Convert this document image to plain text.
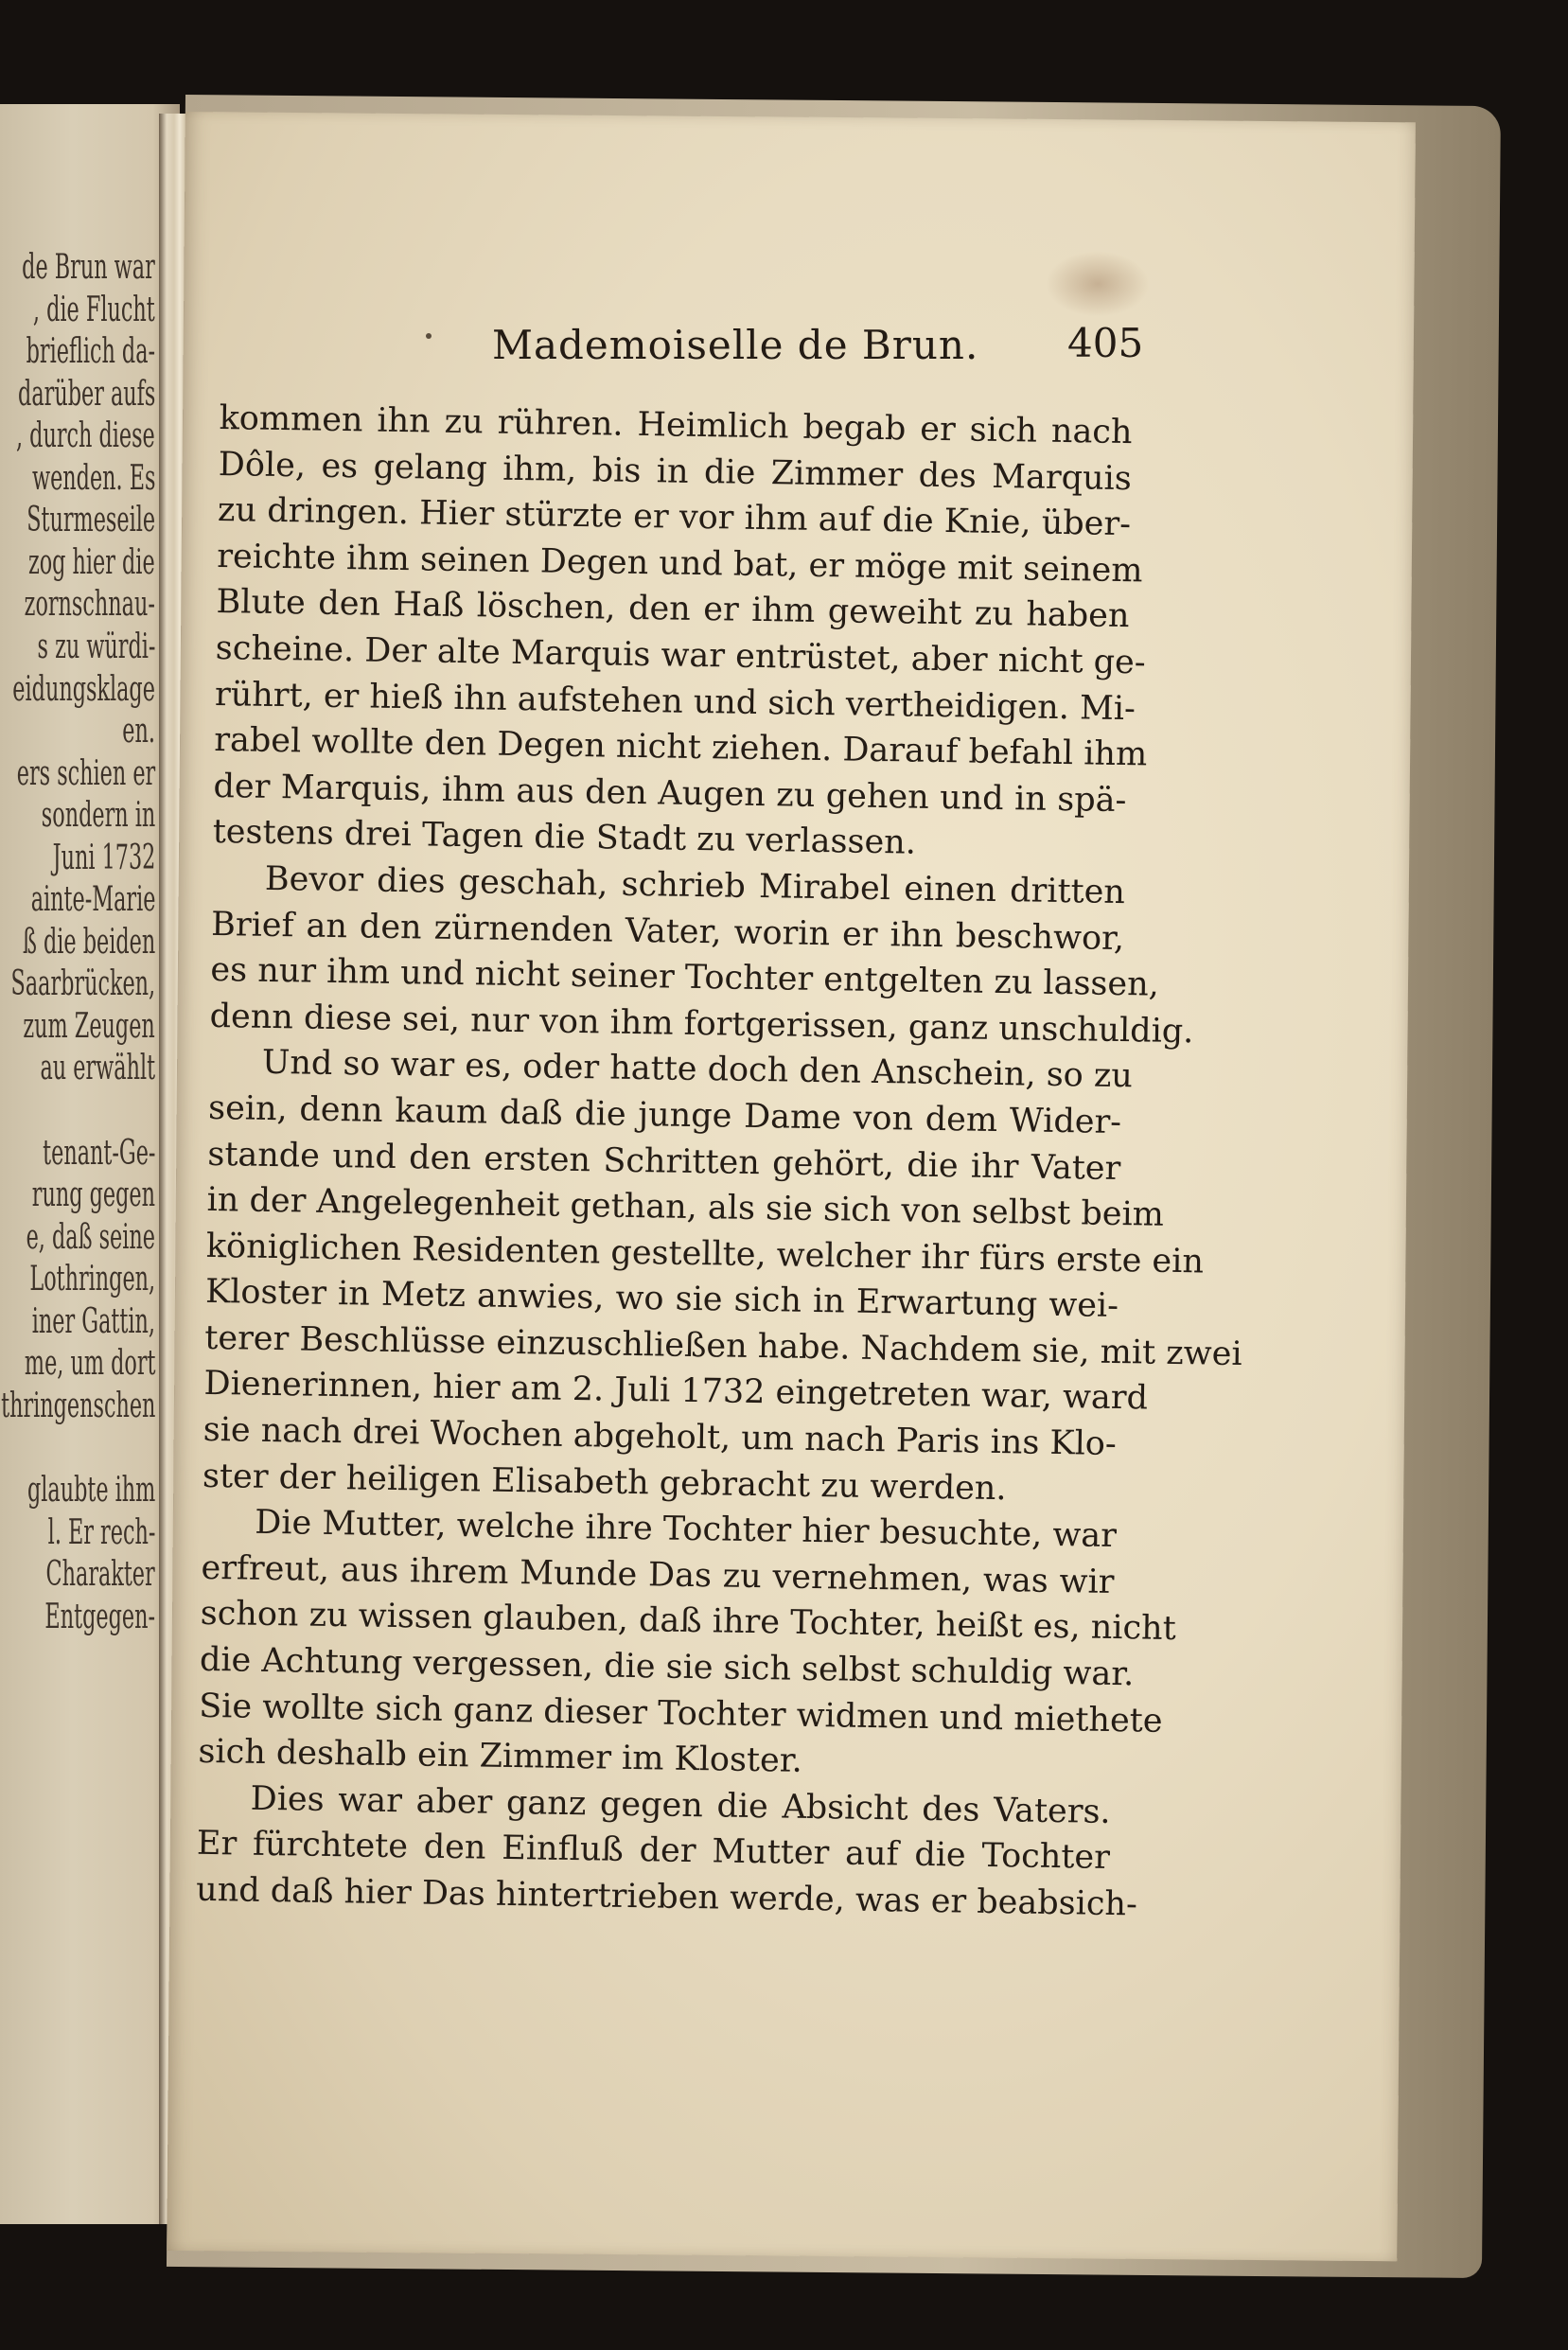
de Brun war
, die Flucht
brieflich da-
darüber aufs
, durch diese
wenden. Es
Sturmeseile
zog hier die
zornschnau-
s zu würdi-
eidungsklage
en.
ers schien er
sondern in
Juni 1732
ainte-Marie
ß die beiden
Saarbrücken,
zum Zeugen
au erwählt
tenant-Ge-
rung gegen
e, daß seine
Lothringen,
iner Gattin,
me, um dort
thringenschen
glaubte ihm
l. Er rech-
Charakter
Entgegen-
Mademoiselle de Brun. 405
kommen ihn zu rühren. Heimlich begab er sich nach
Dôle, es gelang ihm, bis in die Zimmer des Marquis
zu dringen. Hier stürzte er vor ihm auf die Knie, über-
reichte ihm seinen Degen und bat, er möge mit seinem
Blute den Haß löschen, den er ihm geweiht zu haben
scheine. Der alte Marquis war entrüstet, aber nicht ge-
rührt, er hieß ihn aufstehen und sich vertheidigen. Mi-
rabel wollte den Degen nicht ziehen. Darauf befahl ihm
der Marquis, ihm aus den Augen zu gehen und in spä-
testens drei Tagen die Stadt zu verlassen.
Bevor dies geschah, schrieb Mirabel einen dritten
Brief an den zürnenden Vater, worin er ihn beschwor,
es nur ihm und nicht seiner Tochter entgelten zu lassen,
denn diese sei, nur von ihm fortgerissen, ganz unschuldig.
Und so war es, oder hatte doch den Anschein, so zu
sein, denn kaum daß die junge Dame von dem Wider-
stande und den ersten Schritten gehört, die ihr Vater
in der Angelegenheit gethan, als sie sich von selbst beim
königlichen Residenten gestellte, welcher ihr fürs erste ein
Kloster in Metz anwies, wo sie sich in Erwartung wei-
terer Beschlüsse einzuschließen habe. Nachdem sie, mit zwei
Dienerinnen, hier am 2. Juli 1732 eingetreten war, ward
sie nach drei Wochen abgeholt, um nach Paris ins Klo-
ster der heiligen Elisabeth gebracht zu werden.
Die Mutter, welche ihre Tochter hier besuchte, war
erfreut, aus ihrem Munde Das zu vernehmen, was wir
schon zu wissen glauben, daß ihre Tochter, heißt es, nicht
die Achtung vergessen, die sie sich selbst schuldig war.
Sie wollte sich ganz dieser Tochter widmen und miethete
sich deshalb ein Zimmer im Kloster.
Dies war aber ganz gegen die Absicht des Vaters.
Er fürchtete den Einfluß der Mutter auf die Tochter
und daß hier Das hintertrieben werde, was er beabsich-
